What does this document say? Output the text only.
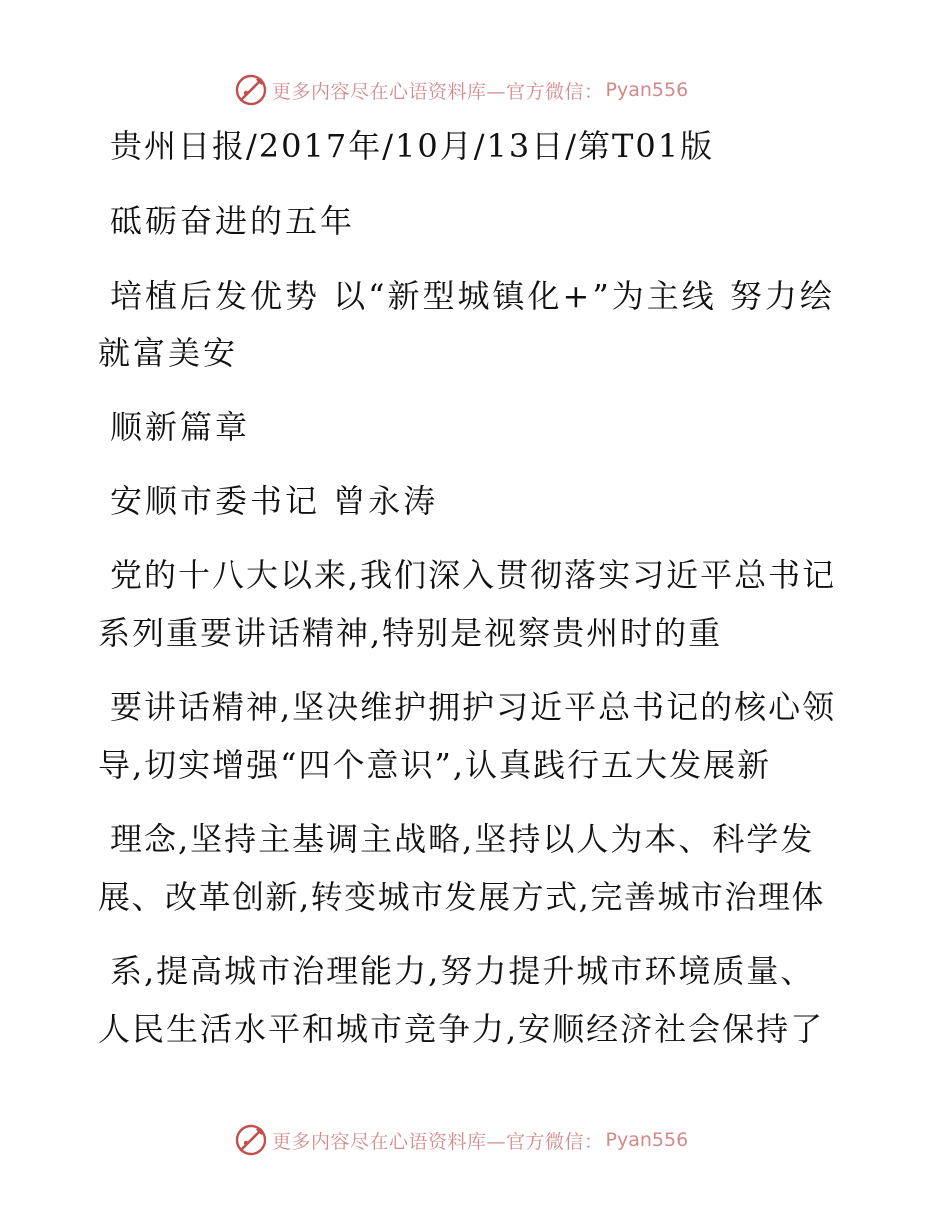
更多内容尽在心语资料库—官方微信： Pyan556

贵州日报/2017年/10月/13日/第T01版

砥砺奋进的五年

培植后发优势 以“新型城镇化+”为主线 努力绘

就富美安

顺新篇章

安顺市委书记 曾永涛

党的十八大以来,我们深入贯彻落实习近平总书记

系列重要讲话精神,特别是视察贵州时的重

要讲话精神,坚决维护拥护习近平总书记的核心领

导,切实增强“四个意识”,认真践行五大发展新

理念,坚持主基调主战略,坚持以人为本、科学发

展、改革创新,转变城市发展方式,完善城市治理体

系,提高城市治理能力,努力提升城市环境质量、

人民生活水平和城市竞争力,安顺经济社会保持了

更多内容尽在心语资料库—官方微信： Pyan556
